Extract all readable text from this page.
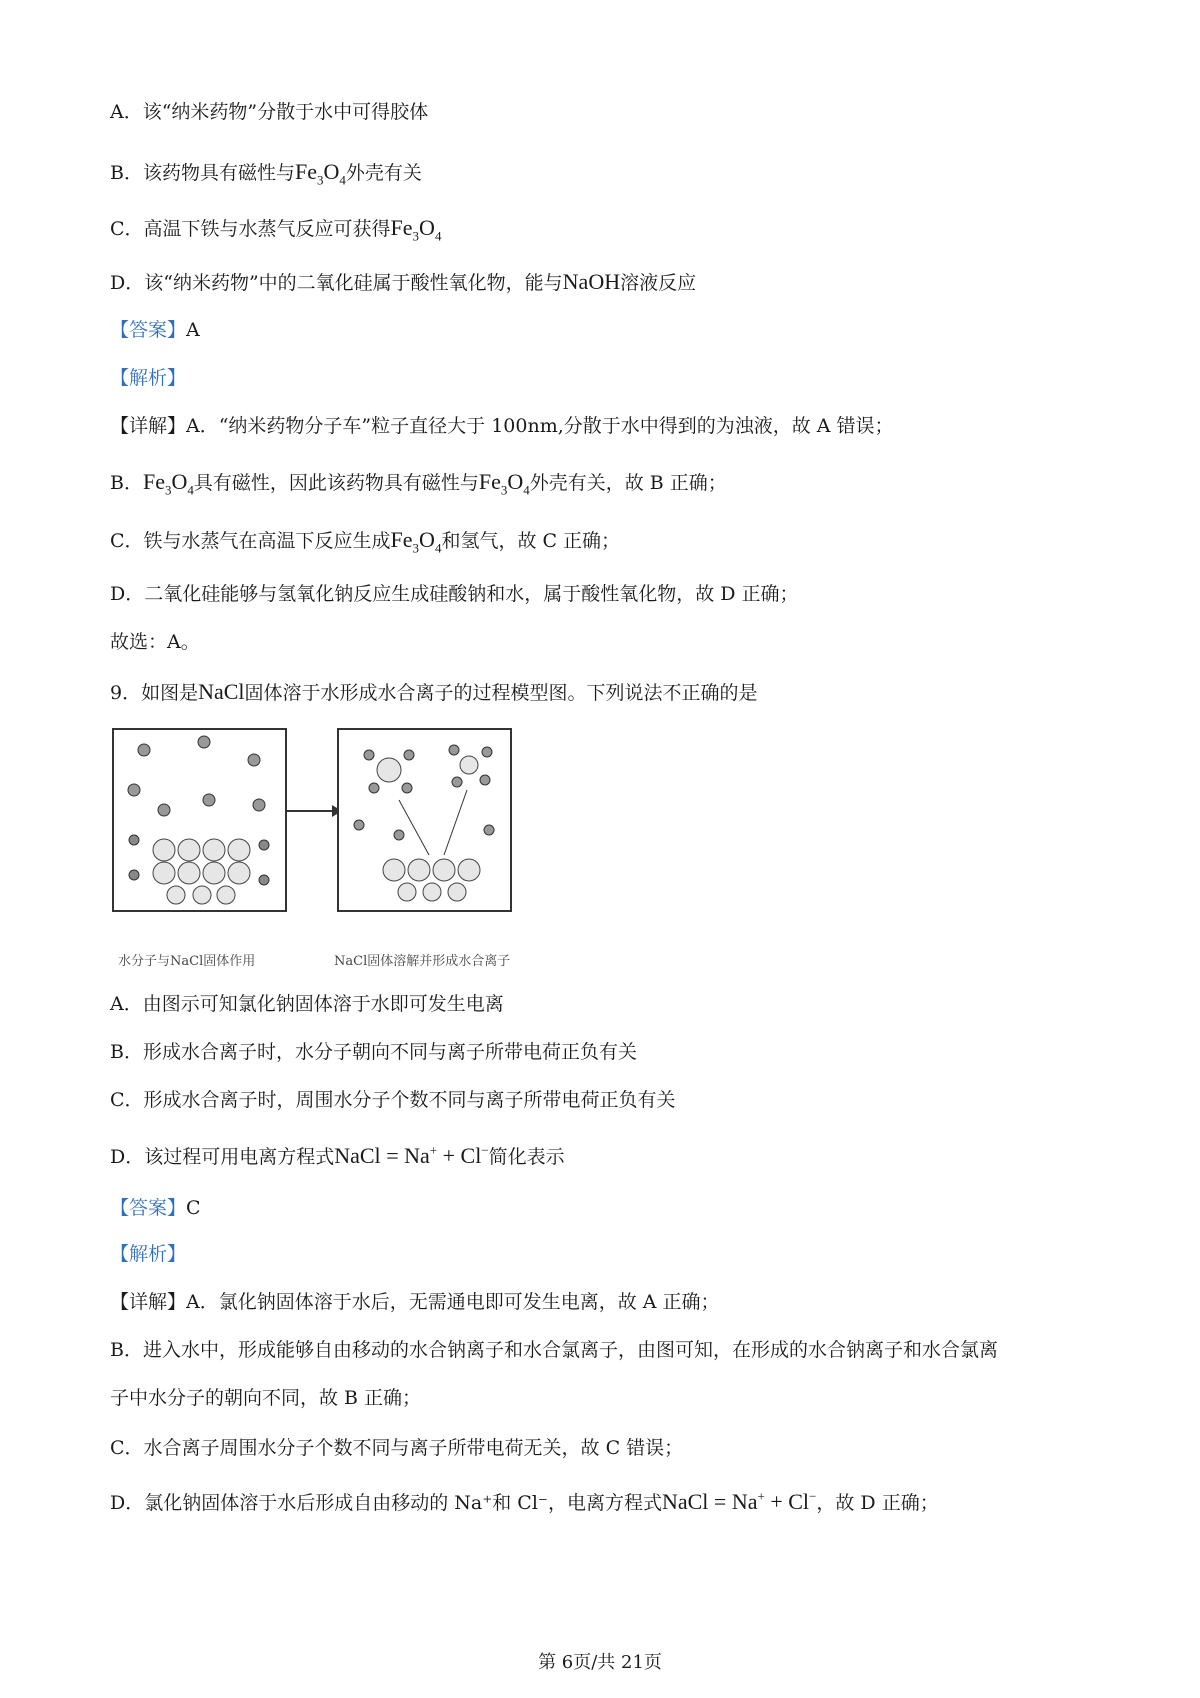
A．该“纳米药物”分散于水中可得胶体
B．该药物具有磁性与$Fe_3O_4$外壳有关
C．高温下铁与水蒸气反应可获得$Fe_3O_4$
D．该“纳米药物”中的二氧化硅属于酸性氧化物，能与NaOH溶液反应
【答案】A
【解析】
【详解】A．“纳米药物分子车”粒子直径大于 100nm,分散于水中得到的为浊液，故 A 错误；
B．$Fe_3O_4$具有磁性，因此该药物具有磁性与$Fe_3O_4$外壳有关，故 B 正确；
C．铁与水蒸气在高温下反应生成$Fe_3O_4$和氢气，故 C 正确；
D．二氧化硅能够与氢氧化钠反应生成硅酸钠和水，属于酸性氧化物，故 D 正确；
故选：A。
9．如图是NaCl固体溶于水形成水合离子的过程模型图。下列说法不正确的是
水分子与NaCl固体作用	NaCl固体溶解并形成水合离子
A．由图示可知氯化钠固体溶于水即可发生电离
B．形成水合离子时，水分子朝向不同与离子所带电荷正负有关
C．形成水合离子时，周围水分子个数不同与离子所带电荷正负有关
D．该过程可用电离方程式NaCl = Na+ + Cl−简化表示
【答案】C
【解析】
【详解】A．氯化钠固体溶于水后，无需通电即可发生电离，故 A 正确；
B．进入水中，形成能够自由移动的水合钠离子和水合氯离子，由图可知，在形成的水合钠离子和水合氯离
子中水分子的朝向不同，故 B 正确；
C．水合离子周围水分子个数不同与离子所带电荷无关，故 C 错误；
D．氯化钠固体溶于水后形成自由移动的 Na⁺和 Cl⁻，电离方程式NaCl = Na+ + Cl−，故 D 正确；
第 6页/共 21页
